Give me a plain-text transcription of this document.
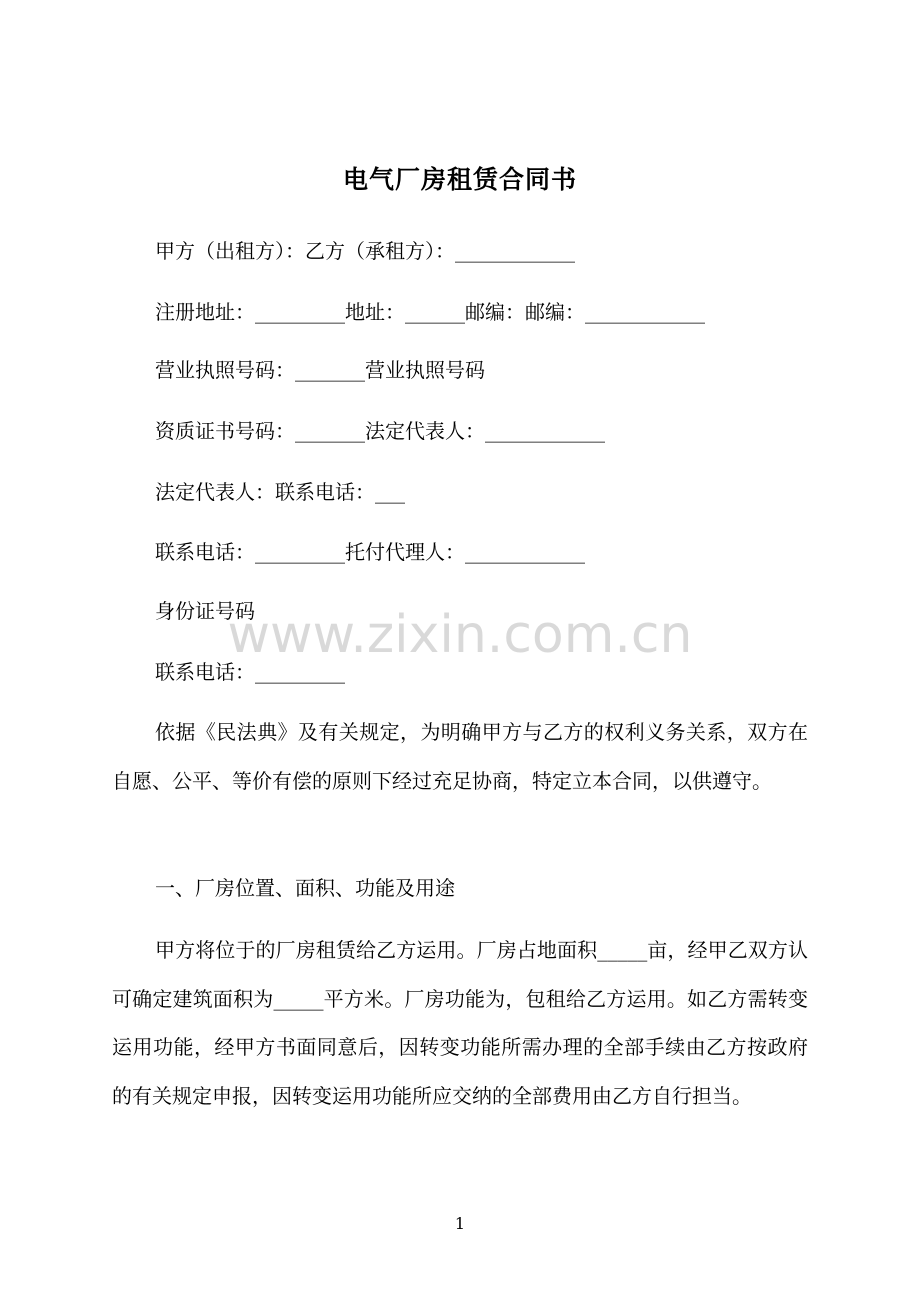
电气厂房租赁合同书
甲方（出租方）：乙方（承租方）：____________
注册地址：_________地址：______邮编：邮编：____________
营业执照号码：_______营业执照号码
资质证书号码：_______法定代表人：____________
法定代表人：联系电话：___
联系电话：_________托付代理人：____________
身份证号码
联系电话：_________

依据《民法典》及有关规定，为明确甲方与乙方的权利义务关系，双方在自愿、公平、等价有偿的原则下经过充足协商，特定立本合同，以供遵守。

一、厂房位置、面积、功能及用途

甲方将位于的厂房租赁给乙方运用。厂房占地面积_____亩，经甲乙双方认可确定建筑面积为_____平方米。厂房功能为，包租给乙方运用。如乙方需转变运用功能，经甲方书面同意后，因转变功能所需办理的全部手续由乙方按政府的有关规定申报，因转变运用功能所应交纳的全部费用由乙方自行担当。

www.zixin.com.cn
1
